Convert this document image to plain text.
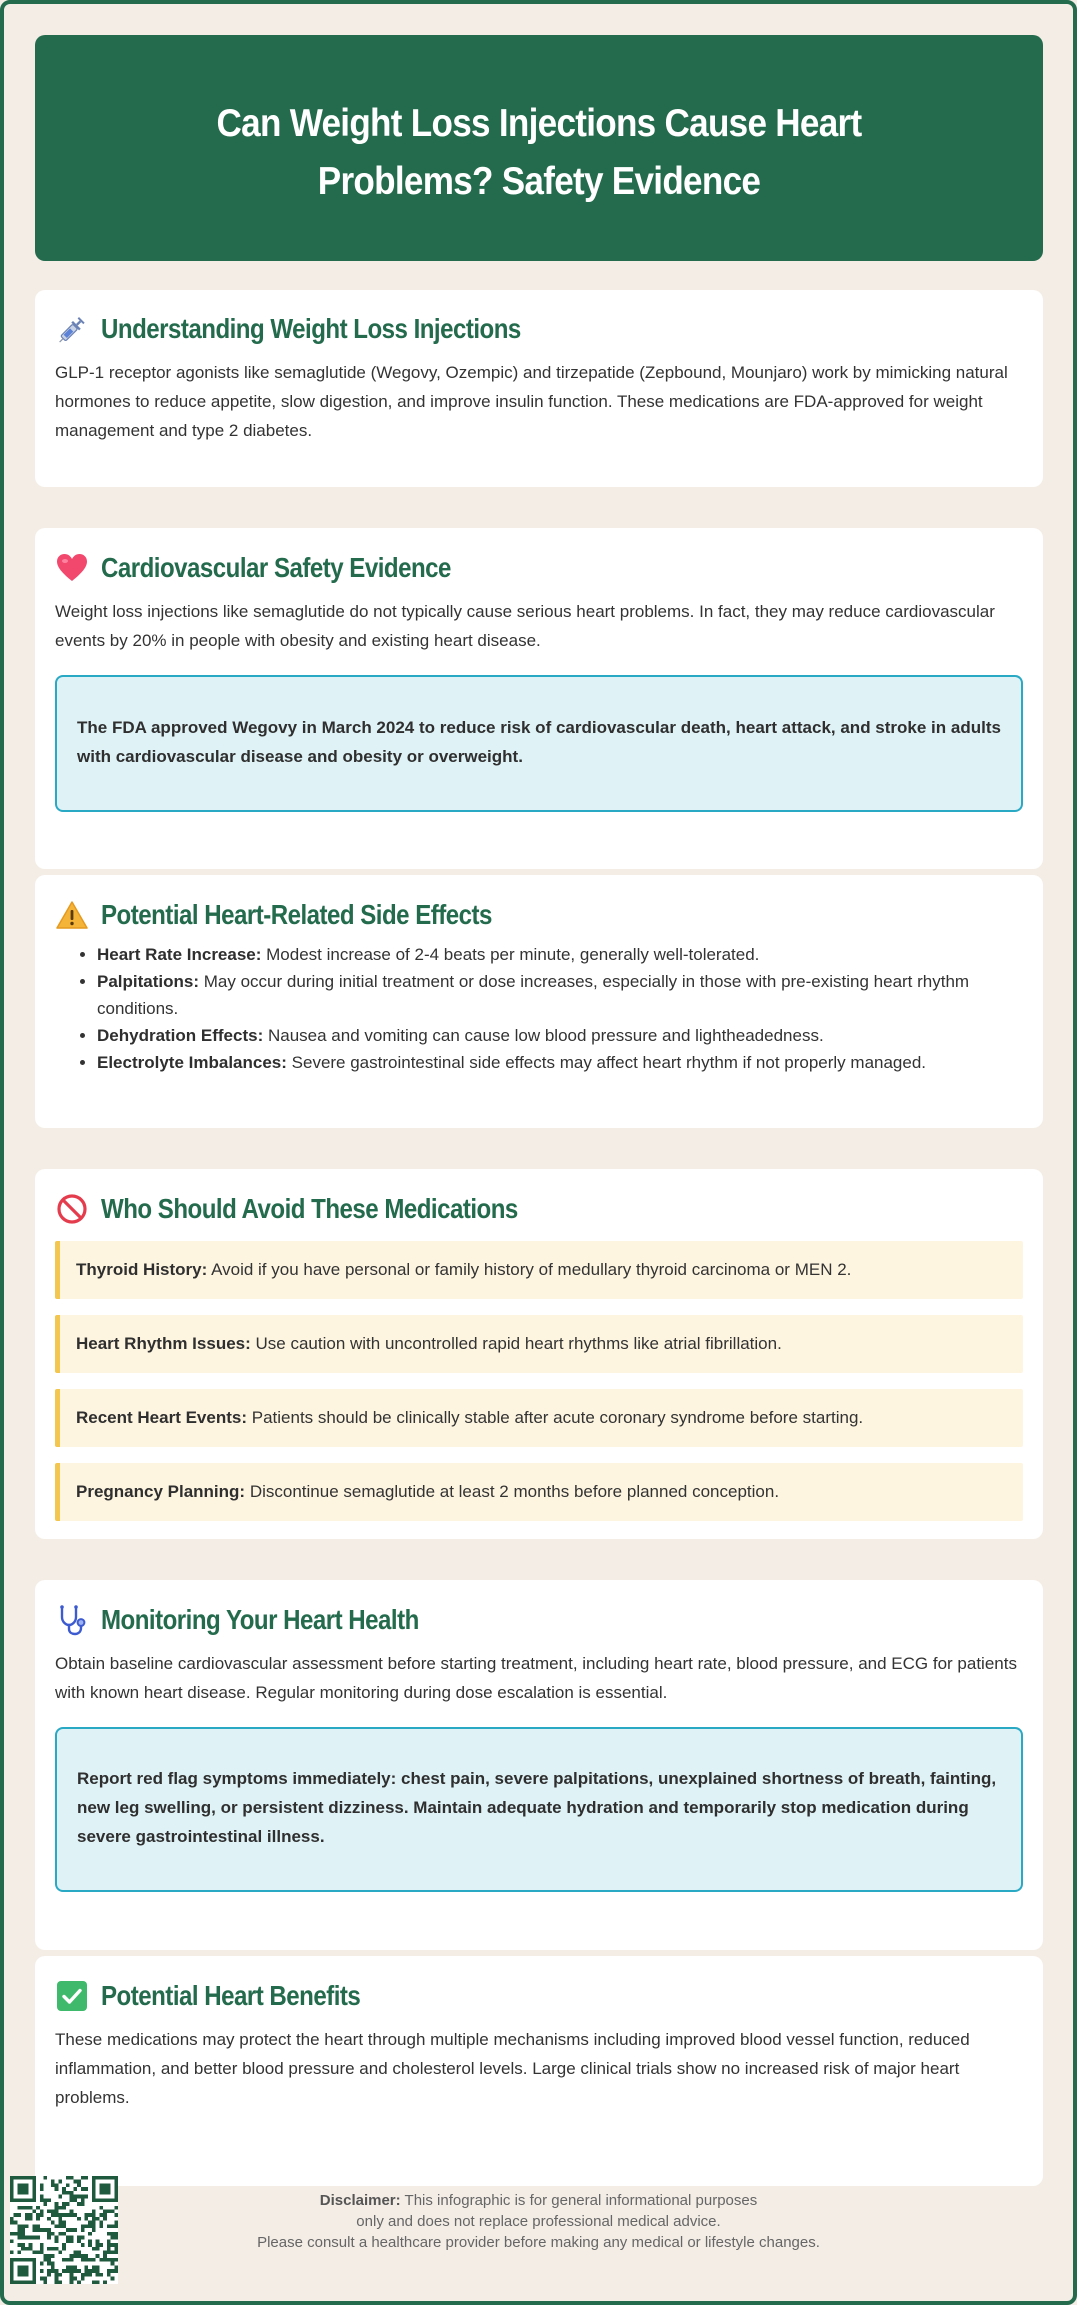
Can Weight Loss Injections Cause Heart Problems? Safety Evidence
Understanding Weight Loss Injections

GLP-1 receptor agonists like semaglutide (Wegovy, Ozempic) and tirzepatide (Zepbound, Mounjaro) work by mimicking natural hormones to reduce appetite, slow digestion, and improve insulin function. These medications are FDA-approved for weight management and type 2 diabetes.

Cardiovascular Safety Evidence

Weight loss injections like semaglutide do not typically cause serious heart problems. In fact, they may reduce cardiovascular events by 20% in people with obesity and existing heart disease.

The FDA approved Wegovy in March 2024 to reduce risk of cardiovascular death, heart attack, and stroke in adults with cardiovascular disease and obesity or overweight.
Potential Heart-Related Side Effects
• Heart Rate Increase: Modest increase of 2-4 beats per minute, generally well-tolerated.
• Palpitations: May occur during initial treatment or dose increases, especially in those with pre-existing heart rhythm conditions.
• Dehydration Effects: Nausea and vomiting can cause low blood pressure and lightheadedness.
• Electrolyte Imbalances: Severe gastrointestinal side effects may affect heart rhythm if not properly managed.
Who Should Avoid These Medications
Thyroid History: Avoid if you have personal or family history of medullary thyroid carcinoma or MEN 2.
Heart Rhythm Issues: Use caution with uncontrolled rapid heart rhythms like atrial fibrillation.
Recent Heart Events: Patients should be clinically stable after acute coronary syndrome before starting.
Pregnancy Planning: Discontinue semaglutide at least 2 months before planned conception.
Monitoring Your Heart Health

Obtain baseline cardiovascular assessment before starting treatment, including heart rate, blood pressure, and ECG for patients with known heart disease. Regular monitoring during dose escalation is essential.

Report red flag symptoms immediately: chest pain, severe palpitations, unexplained shortness of breath, fainting, new leg swelling, or persistent dizziness. Maintain adequate hydration and temporarily stop medication during severe gastrointestinal illness.
Potential Heart Benefits

These medications may protect the heart through multiple mechanisms including improved blood vessel function, reduced inflammation, and better blood pressure and cholesterol levels. Large clinical trials show no increased risk of major heart problems.

Disclaimer: This infographic is for general informational purposes
only and does not replace professional medical advice.
Please consult a healthcare provider before making any medical or lifestyle changes.
